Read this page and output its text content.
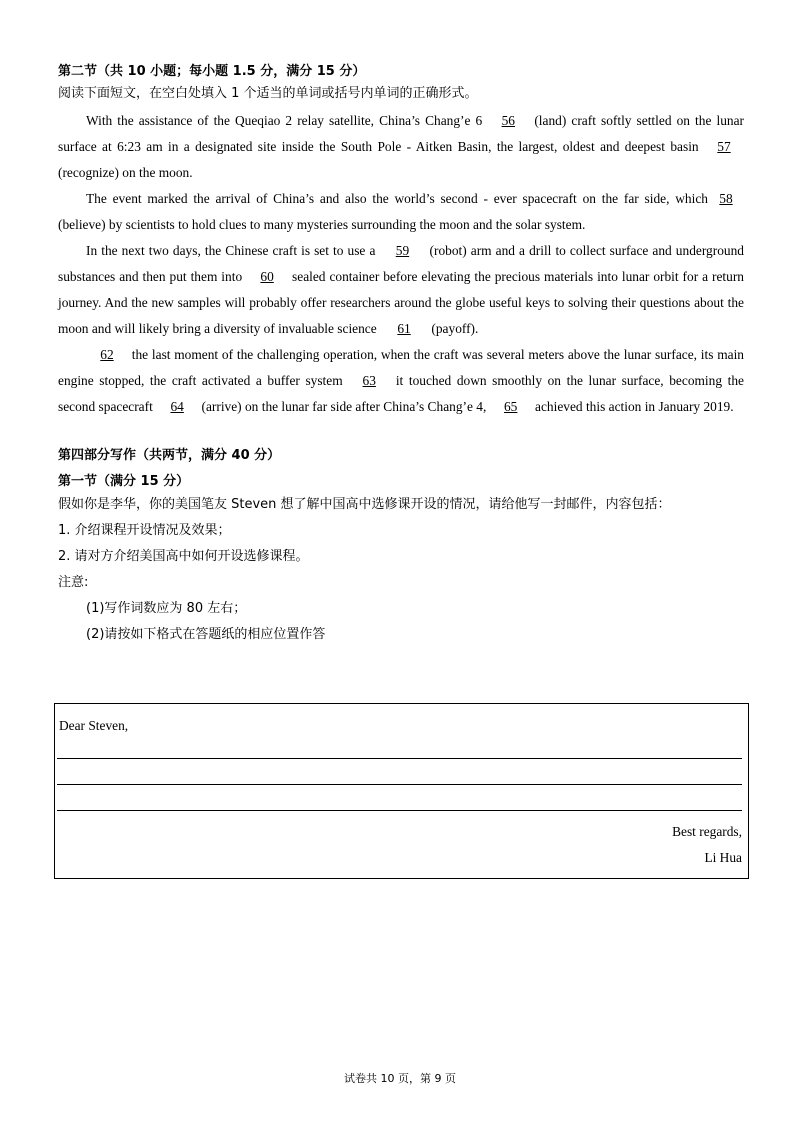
第二节（共 10 小题；每小题 1.5 分，满分 15 分）

阅读下面短文，在空白处填入 1 个适当的单词或括号内单词的正确形式。

With the assistance of the Queqiao 2 relay satellite, China’s Chang’e 6 56 (land) craft softly settled on the lunar surface at 6:23 am in a designated site inside the South Pole - Aitken Basin, the largest, oldest and deepest basin 57 (recognize) on the moon.

The event marked the arrival of China’s and also the world’s second - ever spacecraft on the far side, which 58 (believe) by scientists to hold clues to many mysteries surrounding the moon and the solar system.

In the next two days, the Chinese craft is set to use a 59 (robot) arm and a drill to collect surface and underground substances and then put them into 60 sealed container before elevating the precious materials into lunar orbit for a return journey. And the new samples will probably offer researchers around the globe useful keys to solving their questions about the moon and will likely bring a diversity of invaluable science 61 (payoff).

62 the last moment of the challenging operation, when the craft was several meters above the lunar surface, its main engine stopped, the craft activated a buffer system 63 it touched down smoothly on the lunar surface, becoming the second spacecraft 64 (arrive) on the lunar far side after China’s Chang’e 4, 65 achieved this action in January 2019.

第四部分写作（共两节，满分 40 分）

第一节（满分 15 分）

假如你是李华，你的美国笔友 Steven 想了解中国高中选修课开设的情况，请给他写一封邮件，内容包括：

1. 介绍课程开设情况及效果；

2. 请对方介绍美国高中如何开设选修课程。

注意:

(1)写作词数应为 80 左右；

(2)请按如下格式在答题纸的相应位置作答

Dear Steven,
Best regards,
Li Hua
试卷共 10 页，第 9 页
